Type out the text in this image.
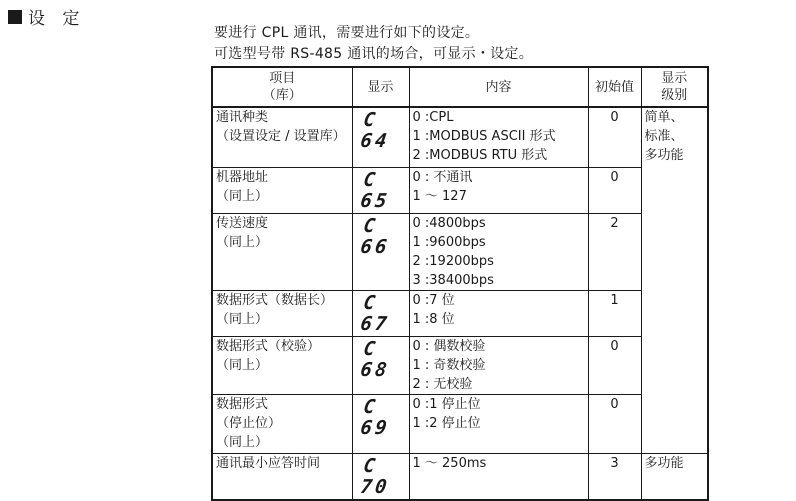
设 定
要进行 CPL 通讯，需要进行如下的设定。
可选型号带 RS-485 通讯的场合，可显示・设定。
项目
（库）	显示	内容	初始值	显示
级别

通讯种类
（设置设定 / 设置库）	C 64	0 :CPL
1 :MODBUS ASCII 形式
2 :MODBUS RTU 形式	0	简单、
标准、
多功能

机器地址
（同上）	C 65	0 : 不通讯
1 〜 127	0	

传送速度
（同上）	C 66	0 :4800bps
1 :9600bps
2 :19200bps
3 :38400bps	2	

数据形式（数据长）
（同上）	C 67	0 :7 位
1 :8 位	1	

数据形式（校验）
（同上）	C 68	0 : 偶数校验
1 : 奇数校验
2 : 无校验	0	

数据形式
（停止位）
（同上）	C 69	0 :1 停止位
1 :2 停止位	0	

通讯最小应答时间	C 70	1 〜 250ms	3	多功能
